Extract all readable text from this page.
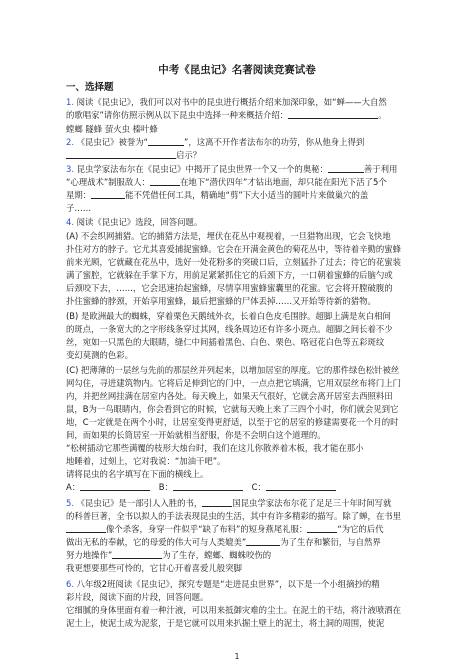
中考《昆虫记》名著阅读竞赛试卷
一、选择题
1. 阅读《昆虫记》，我们可以对书中的昆虫进行概括介绍来加深印象，如“蝉——大自然
的歌唱家”请你仿照示例从以下昆虫中选择一种来概括介绍：	。
螳螂 隧蜂 萤火虫 榛叶蜂
2. 《昆虫记》被誉为“	”，这离不开作者法布尔的功劳，你从他身上得到
启示？
3. 昆虫学家法布尔在《昆虫记》中揭开了昆虫世界一个又一个的奥秘：	善于利用
“心理战术”制服敌人：	在地下“潜伏四年”才钻出地面，却只能在阳光下活了5个
星期：	能不凭借任何工具，精确地“剪”下大小适当的圆叶片来做巢穴的盖
子……
4. 阅读《昆虫记》选段，回答问题。
(A) 不会织网捕猎。它的捕猎方法是，埋伏在花丛中观视着，一旦猎物出现，它会飞快地
扑住对方的脖子。它尤其喜爱捕捉蜜蜂。它会在开满金黄色的菊花丛中，等待着辛勤的蜜蜂
前来光顾，它就藏在花丛中，选好一处花粉多的突破口后，立刻猛扑了过去；待它的花蜜装
满了蜜腔，它就躲在手掌下方，用前足紧紧抓住它的后颈下方，一口朝着蜜蜂的后脑勺或
后颈咬下去，……，它会迅速抬起蜜蜂，尽情享用蜜蜂蜜囊里的花蜜。它会将开膛破腹的
扑住蜜蜂的脖颈，开始享用蜜蜂，最后把蜜蜂的尸体丢掉……又开始等待新的猎物。
(B) 是欧洲最大的蜘蛛，穿着栗色天鹅绒外衣，长着白色皮毛围脖。超脚上满是灰白相间
的斑点，一条宽大的之字形线条穿过其网，线条周边还有许多小斑点。超脚之间长着不少
丝，宛如一只黑色的大眼睛，缝仁中间插着黑色、白色、栗色、咯冠花白色等五彩斑纹
变幻莫测的色彩。
(C) 把薄薄的一层丝与先前的那层丝并列起来，以增加居室的厚度。它的那件绿色松针被丝
网勾住，寻进建筑物内。它将后足伸到它的门中，一点点把它填满，它用双层丝布将门上门
内，并把丝网挂满在居室内各处。每天晚上，如果天气很好，它就会离开居室去西照料田
鼠，B为一鸟眼睛内，你会看到它的时候，它就每天晚上来了三四个小时，你们就会见到它
地，C一定就是在两个小时，让居室变得更舒适，以至于它的居室的修建需要花一个月的时
间，而如果的长筒居室一开始就相当舒服，你是不会明白这个道理的。
“松树插动它那些满覆的枝形大烛台时，我们在这儿你散养着木板，我才能在那小
地睡着，过刻上，它对我说：“加油干吧”。
请将昆虫的名字填写在下面的横线上。
A：	B：	C：
5. 《昆虫记》是一部引人入胜的书，	国昆虫学家法布尔花了足足三十年时间写就
的科普巨著，全书以拟人的手法表现昆虫的生活，其中有许多精彩的描写。除了蝉，在书里
像个杀客，身穿一件似乎“缺了布料”的短身燕尾礼服：	“为它的后代
做出无私的奉献，它的母爱的伟大可与人类媲美”	为了生存和繁衍，与自然界
努力地操作”	为了生存，螳螂、蜘蛛咬伤的
我更想要那些可怜的，它甘心开着喜爱儿般突脚
6. 八年级2班阅读《昆虫记》，探究专题是“走进昆虫世界”，以下是一个小组摘抄的精
彩片段，阅读下面的片段，回答问题。
它细腻的身体里面有着一种汁液，可以用来抵御灾难的尘土。在泥土的干结，将汁液喷洒在
泥土上，使泥土成为泥浆，于是它就可以用来扒掘土壁上的泥土，将土洞的周围，使泥
1
